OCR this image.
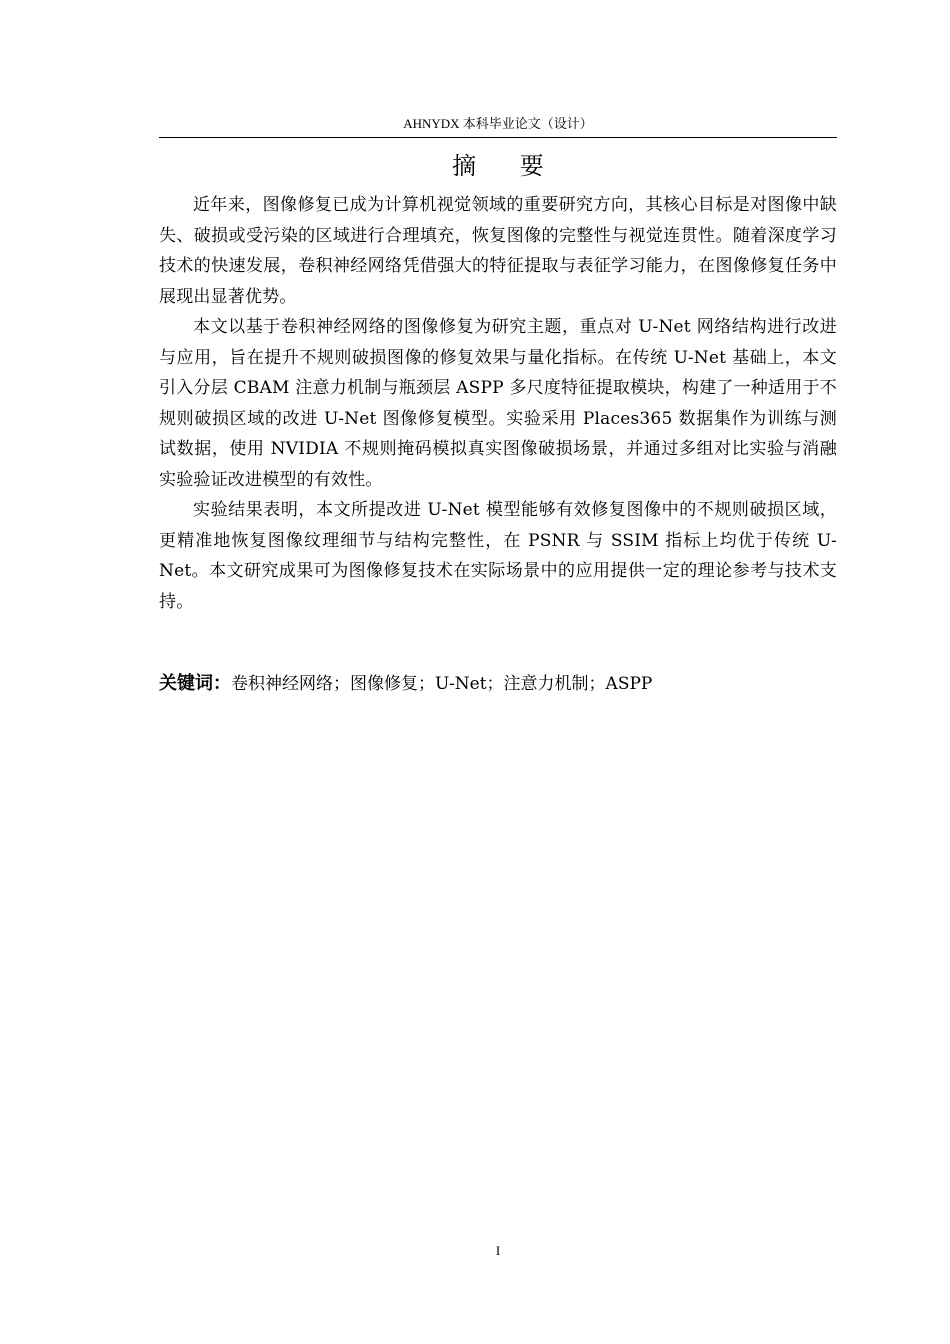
AHNYDX 本科毕业论文（设计）
摘 要

近年来，图像修复已成为计算机视觉领域的重要研究方向，其核心目标是对图像中缺失、破损或受污染的区域进行合理填充，恢复图像的完整性与视觉连贯性。随着深度学习技术的快速发展，卷积神经网络凭借强大的特征提取与表征学习能力，在图像修复任务中展现出显著优势。

本文以基于卷积神经网络的图像修复为研究主题，重点对 U-Net 网络结构进行改进与应用，旨在提升不规则破损图像的修复效果与量化指标。在传统 U-Net 基础上，本文引入分层 CBAM 注意力机制与瓶颈层 ASPP 多尺度特征提取模块，构建了一种适用于不规则破损区域的改进 U-Net 图像修复模型。实验采用 Places365 数据集作为训练与测试数据，使用 NVIDIA 不规则掩码模拟真实图像破损场景，并通过多组对比实验与消融实验验证改进模型的有效性。

实验结果表明，本文所提改进 U-Net 模型能够有效修复图像中的不规则破损区域，更精准地恢复图像纹理细节与结构完整性，在 PSNR 与 SSIM 指标上均优于传统 U-Net。本文研究成果可为图像修复技术在实际场景中的应用提供一定的理论参考与技术支持。

关键词：卷积神经网络；图像修复；U-Net；注意力机制；ASPP
I
